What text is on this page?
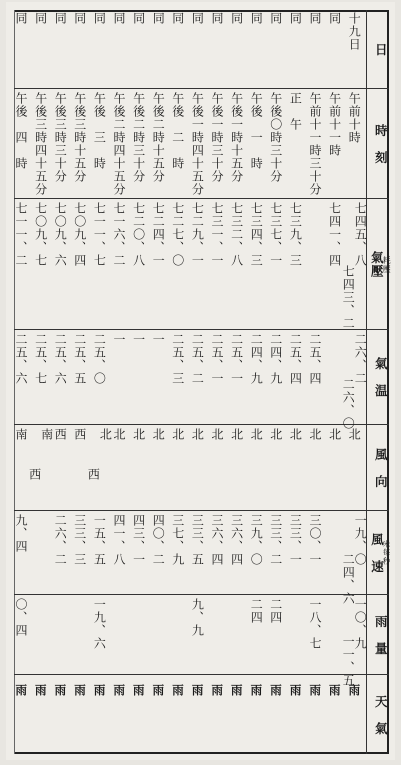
日
時　刻
氣壓
耗壓
氣　温
風　向
風　速
米每秒
雨　量
天　氣
十九日
午前十時
七四五、八
七四三、二
二六、二
二六、〇
北
一九、〇
二四、六
一〇、九
一一、五
雨
同
午前十一時
七四一、四
北
雨
同
午前十一時三十分
二五、四
北
三〇、一
一八、七
雨
同
正　午
七三九、三
二五、四
北
三三、一
雨
同
午後〇時三十分
七三七、一
二四、九
北
三三、二
二四
雨
同
午後　一　時
七三四、三
二四、九
北
三九、〇
二四
雨
同
午後一時十五分
七三二、八
二五、一
北
三六、四
雨
同
午後一時三十分
七三一、一
二五、一
北
三六、四
雨
同
午後一時四十五分
七二九、一
二五、二
北
三三、五
九、九
雨
同
午後　二　時
七二七、〇
二五、三
北
三七、九
雨
同
午後二時十五分
七二四、一
一
北
四〇、二
雨
同
午後二時三十分
七二〇、八
一
北
四三、一
雨
同
午後二時四十五分
七一六、二
一
北
四一、八
雨
同
午後　三　時
七一一、七
二五、〇
北
西
一五、五
一九、六
雨
同
午後三時十五分
七〇九、四
二五、五
西
三三、三
雨
同
午後三時三十分
七〇九、六
二五、六
西
二六、二
雨
同
午後三時四十五分
七〇九、七
二五、七
南
西
雨
同
午後　四　時
七一一、二
二五、六
南
九、四
〇、四
雨
